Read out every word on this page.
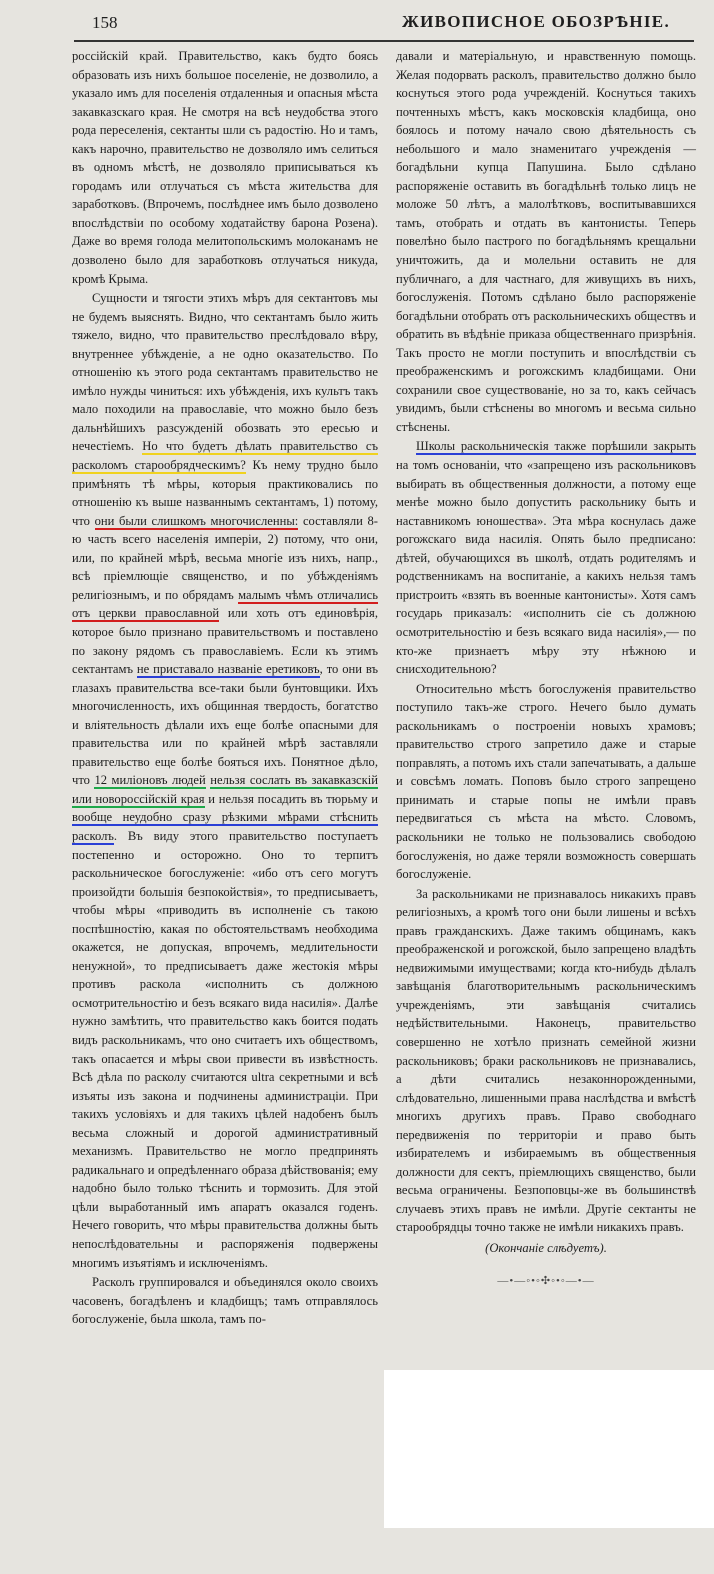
158	ЖИВОПИСНОЕ ОБОЗРѢНІЕ.

россійскій край. Правительство, какъ будто боясь образовать изъ нихъ большое поселеніе, не дозволило, а указало имъ для поселенія отдаленныя и опасныя мѣста закавказскаго края. Не смотря на всѣ неудобства этого рода переселенія, сектанты шли съ радостію. Но и тамъ, какъ нарочно, правительство не дозволяло имъ селиться въ одномъ мѣстѣ, не дозволяло приписываться къ городамъ или отлучаться съ мѣста жительства для заработковъ. (Впрочемъ, послѣднее имъ было дозволено впослѣдствіи по особому ходатайству барона Розена). Даже во время голода мелитопольскимъ молоканамъ не дозволено было для заработковъ отлучаться никуда, кромѣ Крыма.

Сущности и тягости этихъ мѣръ для сектантовъ мы не будемъ выяснять. Видно, что сектантамъ было жить тяжело, видно, что правительство преслѣдовало вѣру, внутреннее убѣжденіе, а не одно оказательство. По отношенію къ этого рода сектантамъ правительство не имѣло нужды чиниться: ихъ убѣжденія, ихъ культъ такъ мало походили на православіе, что можно было безъ дальнѣйшихъ разсужденій обозвать это ересью и нечестіемъ. Но что будетъ дѣлать правительство съ расколомъ старообрядческимъ? Къ нему трудно было примѣнять тѣ мѣры, которыя практиковались по отношенію къ выше названнымъ сектантамъ, 1) потому, что они были слишкомъ многочисленны: составляли 8-ю часть всего населенія имперіи, 2) потому, что они, или, по крайней мѣрѣ, весьма многіе изъ нихъ, напр., всѣ пріемлющіе священство, и по убѣжденіямъ религіознымъ, и по обрядамъ малымъ чѣмъ отличались отъ церкви православной или хоть отъ единовѣрія, которое было признано правительствомъ и поставлено по закону рядомъ съ православіемъ. Если къ этимъ сектантамъ не приставало названіе еретиковъ, то они въ глазахъ правительства все-таки были бунтовщики. Ихъ многочисленность, ихъ общинная твердость, богатство и вліятельность дѣлали ихъ еще болѣе опасными для правительства или по крайней мѣрѣ заставляли правительство еще болѣе бояться ихъ. Понятное дѣло, что 12 миліоновъ людей нельзя сослать въ закавказскій или новороссійскій края и нельзя посадить въ тюрьму и вообще неудобно сразу рѣзкими мѣрами стѣснить расколъ. Въ виду этого правительство поступаетъ постепенно и осторожно. Оно то терпитъ раскольническое богослуженіе: «ибо отъ сего могутъ произойдти большія безпокойствія», то предписываетъ, чтобы мѣры «приводить въ исполненіе съ такою поспѣшностію, какая по обстоятельствамъ необходима окажется, не допуская, впрочемъ, медлительности ненужной», то предписываетъ даже жестокія мѣры противъ раскола «исполнить съ должною осмотрительностію и безъ всякаго вида насилія». Далѣе нужно замѣтить, что правительство какъ боится подать видъ раскольникамъ, что оно считаетъ ихъ обществомъ, такъ опасается и мѣры свои привести въ извѣстность. Всѣ дѣла по расколу считаются ultra секретными и всѣ изъяты изъ закона и подчинены администраціи. При такихъ условіяхъ и для такихъ цѣлей надобенъ былъ весьма сложный и дорогой административный механизмъ. Правительство не могло предпринять радикальнаго и опредѣленнаго образа дѣйствованія; ему надобно было только тѣснить и тормозить. Для этой цѣли выработанный имъ апаратъ оказался годенъ. Нечего говорить, что мѣры правительства должны быть непослѣдовательны и распоряженія подвержены многимъ изъятіямъ и исключеніямъ.

Расколъ группировался и объединялся около своихъ часовенъ, богадѣленъ и кладбищъ; тамъ отправлялось богослуженіе, была школа, тамъ по-

давали и матеріальную, и нравственную помощь. Желая подорвать расколъ, правительство должно было коснуться этого рода учрежденій. Коснуться такихъ почтенныхъ мѣстъ, какъ московскія кладбища, оно боялось и потому начало свою дѣятельность съ небольшого и мало знаменитаго учрежденія — богадѣльни купца Папушина. Было сдѣлано распоряженіе оставить въ богадѣльнѣ только лицъ не моложе 50 лѣтъ, а малолѣтковъ, воспитывавшихся тамъ, отобрать и отдать въ кантонисты. Теперь повелѣно было пастрого по богадѣльнямъ крещальни уничтожить, да и молельни оставить не для публичнаго, а для частнаго, для живущихъ въ нихъ, богослуженія. Потомъ сдѣлано было распоряженіе богадѣльни отобрать отъ раскольническихъ обществъ и обратить въ вѣдѣніе приказа общественнаго призрѣнія. Такъ просто не могли поступить и впослѣдствіи съ преображенскимъ и рогожскимъ кладбищами. Они сохранили свое существованіе, но за то, какъ сейчасъ увидимъ, были стѣснены во многомъ и весьма сильно стѣснены.

Школы раскольническія также порѣшили закрыть на томъ основаніи, что «запрещено изъ раскольниковъ выбирать въ общественныя должности, а потому еще менѣе можно было допустить раскольнику быть и наставникомъ юношества». Эта мѣра коснулась даже рогожскаго вида насилія. Опять было предписано: дѣтей, обучающихся въ школѣ, отдать родителямъ и родственникамъ на воспитаніе, а какихъ нельзя тамъ пристроить «взять въ военные кантонисты». Хотя самъ государь приказалъ: «исполнить сіе съ должною осмотрительностію и безъ всякаго вида насилія»,— по кто-же признаетъ мѣру эту нѣжною и снисходительною?

Относительно мѣстъ богослуженія правительство поступило такъ-же строго. Нечего было думать раскольникамъ о построеніи новыхъ храмовъ; правительство строго запретило даже и старые поправлять, а потомъ ихъ стали запечатывать, а дальше и совсѣмъ ломать. Поповъ было строго запрещено принимать и старые попы не имѣли правъ передвигаться съ мѣста на мѣсто. Словомъ, раскольники не только не пользовались свободою богослуженія, но даже теряли возможность совершать богослуженіе.

За раскольниками не признавалось никакихъ правъ религіозныхъ, а кромѣ того они были лишены и всѣхъ правъ гражданскихъ. Даже такимъ общинамъ, какъ преображенской и рогожской, было запрещено владѣть недвижимыми имуществами; когда кто-нибудь дѣлалъ завѣщанія благотворительнымъ раскольническимъ учрежденіямъ, эти завѣщанія считались недѣйствительными. Наконецъ, правительство совершенно не хотѣло признать семейной жизни раскольниковъ; браки раскольниковъ не признавались, а дѣти считались незаконнорожденными, слѣдовательно, лишенными права наслѣдства и вмѣстѣ многихъ другихъ правъ. Право свободнаго передвиженія по территоріи и право быть избирателемъ и избираемымъ въ общественныя должности для сектъ, пріемлющихъ священство, были весьма ограничены. Безпоповцы-же въ большинствѣ случаевъ этихъ правъ не имѣли. Другіе сектанты не старообрядцы точно также не имѣли никакихъ правъ.

(Окончаніе слѣдуетъ).
—•—◦•◦✣◦•◦—•—
